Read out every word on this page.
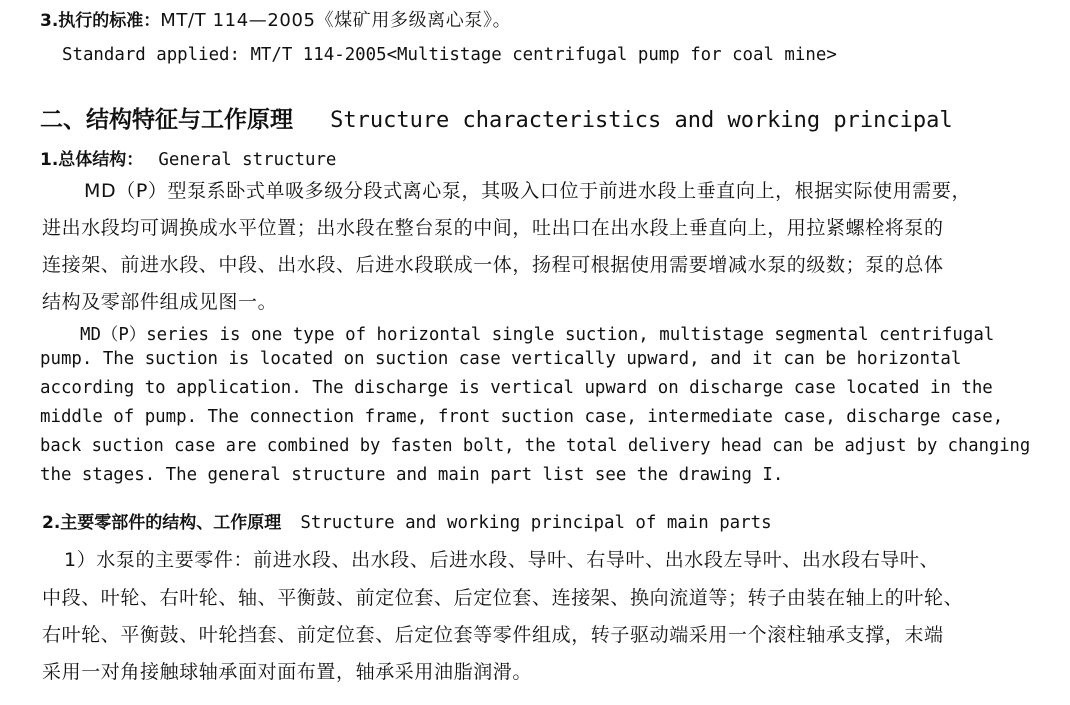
3.执行的标准：MT/T 114—2005《煤矿用多级离心泵》。
Standard applied: MT/T 114-2005<Multistage centrifugal pump for coal mine>
二、结构特征与工作原理 Structure characteristics and working principal
1.总体结构： General structure
MD（P）型泵系卧式单吸多级分段式离心泵，其吸入口位于前进水段上垂直向上，根据实际使用需要，
进出水段均可调换成水平位置；出水段在整台泵的中间，吐出口在出水段上垂直向上，用拉紧螺栓将泵的
连接架、前进水段、中段、出水段、后进水段联成一体，扬程可根据使用需要增减水泵的级数；泵的总体
结构及零部件组成见图一。
MD（P）series is one type of horizontal single suction, multistage segmental centrifugal
pump. The suction is located on suction case vertically upward, and it can be horizontal
according to application. The discharge is vertical upward on discharge case located in the
middle of pump. The connection frame, front suction case, intermediate case, discharge case,
back suction case are combined by fasten bolt, the total delivery head can be adjust by changing
the stages. The general structure and main part list see the drawing I.
2.主要零部件的结构、工作原理 Structure and working principal of main parts
1）水泵的主要零件：前进水段、出水段、后进水段、导叶、右导叶、出水段左导叶、出水段右导叶、
中段、叶轮、右叶轮、轴、平衡鼓、前定位套、后定位套、连接架、换向流道等；转子由装在轴上的叶轮、
右叶轮、平衡鼓、叶轮挡套、前定位套、后定位套等零件组成，转子驱动端采用一个滚柱轴承支撑，末端
采用一对角接触球轴承面对面布置，轴承采用油脂润滑。
